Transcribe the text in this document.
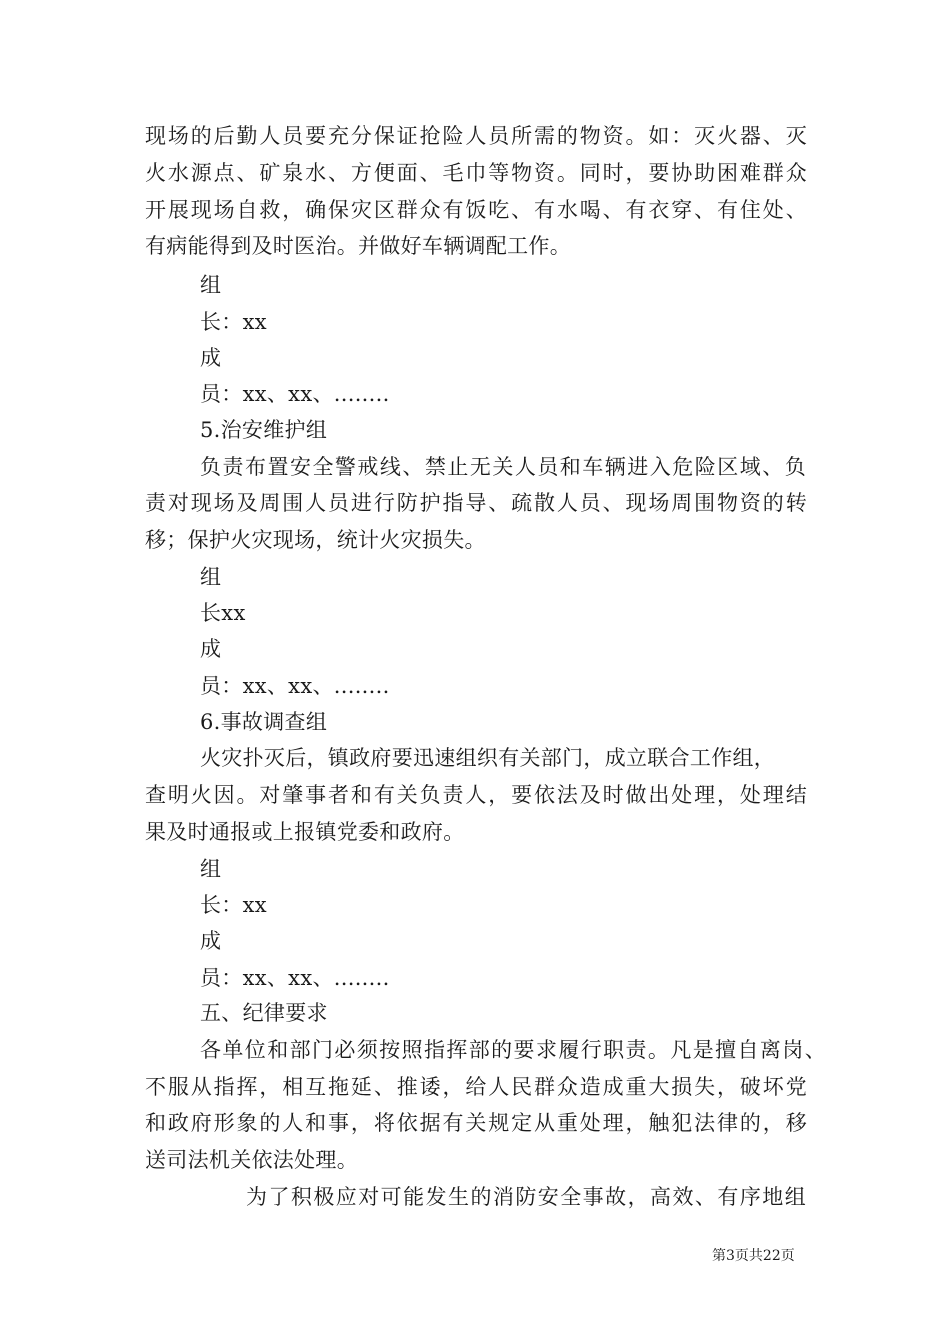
现场的后勤人员要充分保证抢险人员所需的物资。如：灭火器、灭
火水源点、矿泉水、方便面、毛巾等物资。同时，要协助困难群众
开展现场自救，确保灾区群众有饭吃、有水喝、有衣穿、有住处、
有病能得到及时医治。并做好车辆调配工作。
组
长：xx
成
员：xx、xx、........
5.治安维护组
负责布置安全警戒线、禁止无关人员和车辆进入危险区域、负
责对现场及周围人员进行防护指导、疏散人员、现场周围物资的转
移；保护火灾现场，统计火灾损失。
组
长xx
成
员：xx、xx、........
6.事故调查组
火灾扑灭后，镇政府要迅速组织有关部门，成立联合工作组，
查明火因。对肇事者和有关负责人，要依法及时做出处理，处理结
果及时通报或上报镇党委和政府。
组
长：xx
成
员：xx、xx、........
五、纪律要求
各单位和部门必须按照指挥部的要求履行职责。凡是擅自离岗、
不服从指挥，相互拖延、推诿，给人民群众造成重大损失，破坏党
和政府形象的人和事，将依据有关规定从重处理，触犯法律的，移
送司法机关依法处理。
为了积极应对可能发生的消防安全事故，高效、有序地组
第3页共22页
